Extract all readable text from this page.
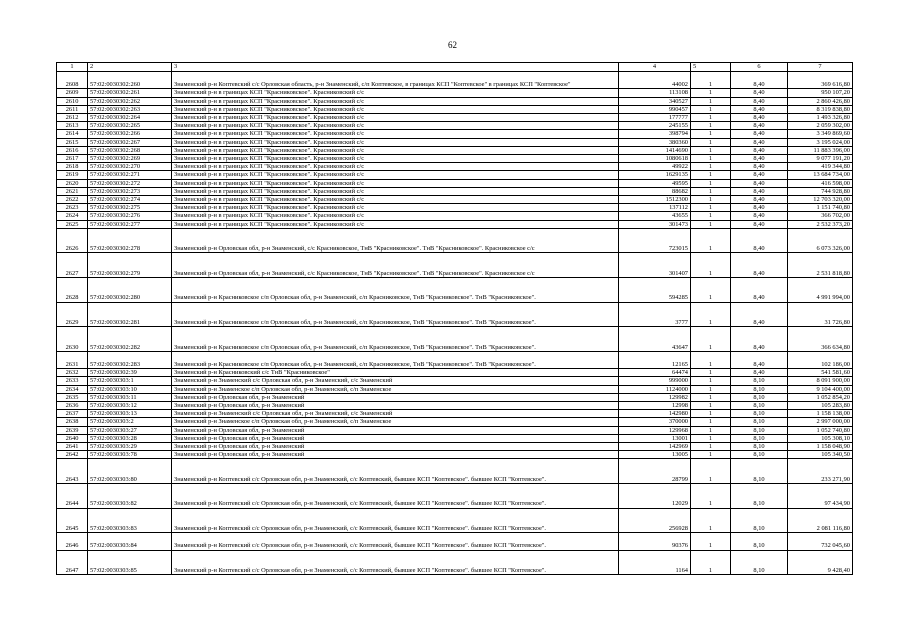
62
1	2	3	4	5	6	7
2608	57:02:0030302:260	Знаменский р-н Коптевский с/с Орловская область, р-н Знаменский, с/п Коптевское, в границах КСП "Коптевское" в границах КСП "Коптевское"	44002	1	8,40	369 616,80
2609	57:02:0030302:261	Знаменский р-н в границах КСП "Красниковское". Красниковский с/с	113108	1	8,40	950 107,20
2610	57:02:0030302:262	Знаменский р-н в границах КСП "Красниковское". Красниковский с/с	340527	1	8,40	2 860 426,80
2611	57:02:0030302:263	Знаменский р-н в границах КСП "Красниковское". Красниковский с/с	990457	1	8,40	8 319 838,80
2612	57:02:0030302:264	Знаменский р-н в границах КСП "Красниковское". Красниковский с/с	177777	1	8,40	1 493 326,80
2613	57:02:0030302:265	Знаменский р-н в границах КСП "Красниковское". Красниковский с/с	245155	1	8,40	2 059 302,00
2614	57:02:0030302:266	Знаменский р-н в границах КСП "Красниковское". Красниковский с/с	398794	1	8,40	3 349 869,60
2615	57:02:0030302:267	Знаменский р-н в границах КСП "Красниковское". Красниковский с/с	380360	1	8,40	3 195 024,00
2616	57:02:0030302:268	Знаменский р-н в границах КСП "Красниковское". Красниковский с/с	1414690	1	8,40	11 883 396,00
2617	57:02:0030302:269	Знаменский р-н в границах КСП "Красниковское". Красниковский с/с	1080618	1	8,40	9 077 191,20
2618	57:02:0030302:270	Знаменский р-н в границах КСП "Красниковское". Красниковский с/с	49922	1	8,40	419 344,80
2619	57:02:0030302:271	Знаменский р-н в границах КСП "Красниковское". Красниковский с/с	1629135	1	8,40	13 684 734,00
2620	57:02:0030302:272	Знаменский р-н в границах КСП "Красниковское". Красниковский с/с	49595	1	8,40	416 598,00
2621	57:02:0030302:273	Знаменский р-н в границах КСП "Красниковское". Красниковский с/с	88682	1	8,40	744 928,80
2622	57:02:0030302:274	Знаменский р-н в границах КСП "Красниковское". Красниковский с/с	1512300	1	8,40	12 703 320,00
2623	57:02:0030302:275	Знаменский р-н в границах КСП "Красниковское". Красниковский с/с	137112	1	8,40	1 151 740,80
2624	57:02:0030302:276	Знаменский р-н в границах КСП "Красниковское". Красниковский с/с	43655	1	8,40	366 702,00
2625	57:02:0030302:277	Знаменский р-н в границах КСП "Красниковское". Красниковский с/с	301473	1	8,40	2 532 373,20
2626	57:02:0030302:278	Знаменский р-н Орловская обл, р-н Знаменский, с/с Красниковское, ТнВ "Красниковское". ТнВ "Красниковское". Красниковское с/с	723015	1	8,40	6 073 326,00
2627	57:02:0030302:279	Знаменский р-н Орловская обл, р-н Знаменский, с/с Красниковское, ТнВ "Красниковское". ТнВ "Красниковское". Красниковское с/с	301407	1	8,40	2 531 818,80
2628	57:02:0030302:280	Знаменский р-н Красниковское с/п Орловская обл, р-н Знаменский, с/п Красниковское, ТнВ "Красниковское". ТнВ "Красниковское".	594285	1	8,40	4 991 994,00
2629	57:02:0030302:281	Знаменский р-н Красниковское с/п Орловская обл, р-н Знаменский, с/п Красниковское, ТнВ "Красниковское". ТнВ "Красниковское".	3777	1	8,40	31 726,80
2630	57:02:0030302:282	Знаменский р-н Красниковское с/п Орловская обл, р-н Знаменский, с/п Красниковское, ТнВ "Красниковское". ТнВ "Красниковское".	43647	1	8,40	366 634,80
2631	57:02:0030302:283	Знаменский р-н Красниковское с/п Орловская обл, р-н Знаменский, с/п Красниковское, ТнВ "Красниковское". ТнВ "Красниковское".	12165	1	8,40	102 186,00
2632	57:02:0030302:39	Знаменский р-н Красниковский с/с ТнВ "Красниковское"	64474	1	8,40	541 581,60
2633	57:02:0030303:1	Знаменский р-н Знаменский с/с Орловская обл, р-н Знаменский, с/с Знаменский	999000	1	8,10	8 091 900,00
2634	57:02:0030303:10	Знаменский р-н Знаменское с/п Орловская обл, р-н Знаменский, с/п Знаменское	1124000	1	8,10	9 104 400,00
2635	57:02:0030303:11	Знаменский р-н Орловская обл, р-н Знаменский	129982	1	8,10	1 052 854,20
2636	57:02:0030303:12	Знаменский р-н Орловская обл, р-н Знаменский	12998	1	8,10	105 283,80
2637	57:02:0030303:13	Знаменский р-н Знаменский с/с Орловская обл, р-н Знаменский, с/с Знаменский	142980	1	8,10	1 158 138,00
2638	57:02:0030303:2	Знаменский р-н Знаменское с/п Орловская обл, р-н Знаменский, с/п Знаменское	370000	1	8,10	2 997 000,00
2639	57:02:0030303:27	Знаменский р-н Орловская обл, р-н Знаменский	129968	1	8,10	1 052 740,80
2640	57:02:0030303:28	Знаменский р-н Орловская обл, р-н Знаменский	13001	1	8,10	105 308,10
2641	57:02:0030303:29	Знаменский р-н Орловская обл, р-н Знаменский	142969	1	8,10	1 158 048,90
2642	57:02:0030303:78	Знаменский р-н Орловская обл, р-н Знаменский	13005	1	8,10	105 340,50
2643	57:02:0030303:80	Знаменский р-н Коптевский с/с Орловская обл, р-н Знаменский, с/с Коптевский, бывшее КСП "Коптевское". бывшее КСП "Коптевское".	28799	1	8,10	233 271,90
2644	57:02:0030303:82	Знаменский р-н Коптевский с/с Орловская обл, р-н Знаменский, с/с Коптевский, бывшее КСП "Коптевское". бывшее КСП "Коптевское".	12029	1	8,10	97 434,90
2645	57:02:0030303:83	Знаменский р-н Коптевский с/с Орловская обл, р-н Знаменский, с/с Коптевский, бывшее КСП "Коптевское". бывшее КСП "Коптевское".	256928	1	8,10	2 081 116,80
2646	57:02:0030303:84	Знаменский р-н Коптевский с/с Орловская обл, р-н Знаменский, с/с Коптевский, бывшее КСП "Коптевское". бывшее КСП "Коптевское".	90376	1	8,10	732 045,60
2647	57:02:0030303:85	Знаменский р-н Коптевский с/с Орловская обл, р-н Знаменский, с/с Коптевский, бывшее КСП "Коптевское". бывшее КСП "Коптевское".	1164	1	8,10	9 428,40
